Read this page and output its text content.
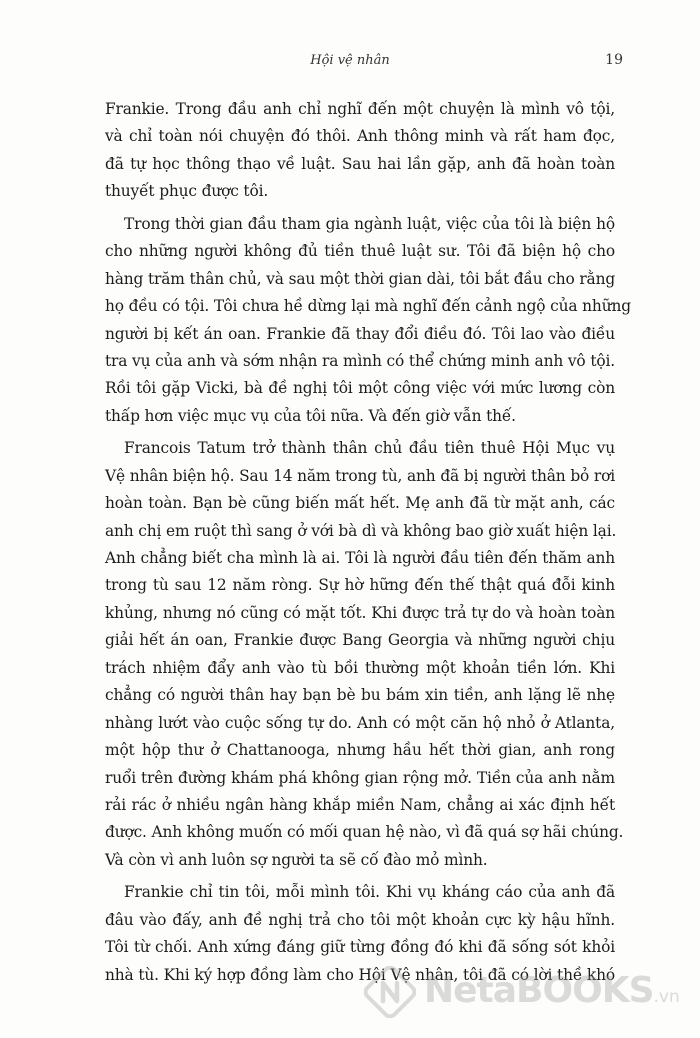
Hội vệ nhân	19
Frankie. Trong đầu anh chỉ nghĩ đến một chuyện là mình vô tội,
và chỉ toàn nói chuyện đó thôi. Anh thông minh và rất ham đọc,
đã tự học thông thạo về luật. Sau hai lần gặp, anh đã hoàn toàn
thuyết phục được tôi.
Trong thời gian đầu tham gia ngành luật, việc của tôi là biện hộ
cho những người không đủ tiền thuê luật sư. Tôi đã biện hộ cho
hàng trăm thân chủ, và sau một thời gian dài, tôi bắt đầu cho rằng
họ đều có tội. Tôi chưa hề dừng lại mà nghĩ đến cảnh ngộ của những
người bị kết án oan. Frankie đã thay đổi điều đó. Tôi lao vào điều
tra vụ của anh và sớm nhận ra mình có thể chứng minh anh vô tội.
Rồi tôi gặp Vicki, bà đề nghị tôi một công việc với mức lương còn
thấp hơn việc mục vụ của tôi nữa. Và đến giờ vẫn thế.
Francois Tatum trở thành thân chủ đầu tiên thuê Hội Mục vụ
Vệ nhân biện hộ. Sau 14 năm trong tù, anh đã bị người thân bỏ rơi
hoàn toàn. Bạn bè cũng biến mất hết. Mẹ anh đã từ mặt anh, các
anh chị em ruột thì sang ở với bà dì và không bao giờ xuất hiện lại.
Anh chẳng biết cha mình là ai. Tôi là người đầu tiên đến thăm anh
trong tù sau 12 năm ròng. Sự hờ hững đến thế thật quá đỗi kinh
khủng, nhưng nó cũng có mặt tốt. Khi được trả tự do và hoàn toàn
giải hết án oan, Frankie được Bang Georgia và những người chịu
trách nhiệm đẩy anh vào tù bồi thường một khoản tiền lớn. Khi
chẳng có người thân hay bạn bè bu bám xin tiền, anh lặng lẽ nhẹ
nhàng lướt vào cuộc sống tự do. Anh có một căn hộ nhỏ ở Atlanta,
một hộp thư ở Chattanooga, nhưng hầu hết thời gian, anh rong
ruổi trên đường khám phá không gian rộng mở. Tiền của anh nằm
rải rác ở nhiều ngân hàng khắp miền Nam, chẳng ai xác định hết
được. Anh không muốn có mối quan hệ nào, vì đã quá sợ hãi chúng.
Và còn vì anh luôn sợ người ta sẽ cố đào mỏ mình.
Frankie chỉ tin tôi, mỗi mình tôi. Khi vụ kháng cáo của anh đã
đâu vào đấy, anh đề nghị trả cho tôi một khoản cực kỳ hậu hĩnh.
Tôi từ chối. Anh xứng đáng giữ từng đồng đó khi đã sống sót khỏi
nhà tù. Khi ký hợp đồng làm cho Hội Vệ nhân, tôi đã có lời thề khó
NetaBOOKS.vn
